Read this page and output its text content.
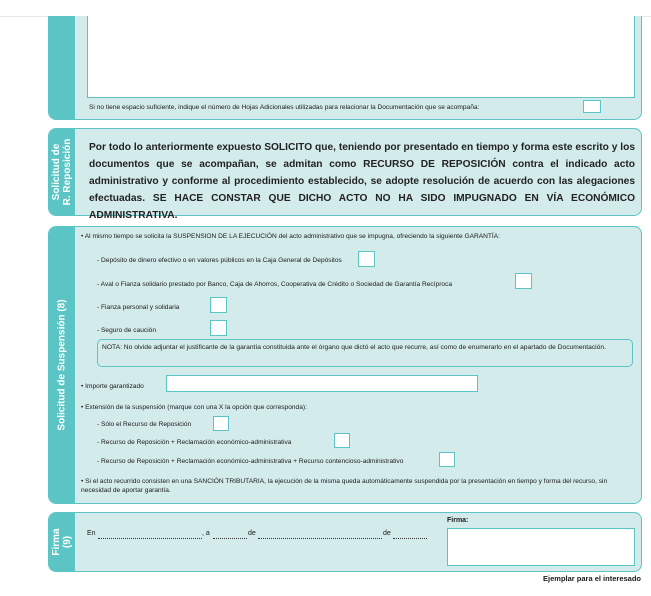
Si no tiene espacio suficiente, indique el número de Hojas Adicionales utilizadas para relacionar la Documentación que se acompaña:
Solicitud de R. Reposición Por todo lo anteriormente expuesto SOLICITO que, teniendo por presentado en tiempo y forma este escrito y los documentos que se acompañan, se admitan como RECURSO DE REPOSICIÓN contra el indicado acto administrativo y conforme al procedimiento establecido, se adopte resolución de acuerdo con las alegaciones efectuadas. SE HACE CONSTAR QUE DICHO ACTO NO HA SIDO IMPUGNADO EN VÍA ECONÓMICO ADMINISTRATIVA.
Solicitud de Suspensión (8)
• Al mismo tiempo se solicita la SUSPENSION DE LA EJECUCIÓN del acto administrativo que se impugna, ofreciendo la siguiente GARANTÍA:
- Depósito de dinero efectivo o en valores públicos en la Caja General de Depósitos
- Aval o Fianza solidario prestado por Banco, Caja de Ahorros, Cooperativa de Crédito o Sociedad de Garantía Recíproca
- Fianza personal y solidaria
- Seguro de caución
NOTA: No olvide adjuntar el justificante de la garantía constituida ante el órgano que dictó el acto que recurre, así como de enumerarlo en el apartado de Documentación.
• Importe garantizado
• Extensión de la suspensión (marque con una X la opción que corresponda):
- Sólo el Recurso de Reposición
- Recurso de Reposición + Reclamación económico-administrativa
- Recurso de Reposición + Reclamación económico-administrativa + Recurso contencioso-administrativo
• Si el acto recurrido consisten en una SANCIÓN TRIBUTARIA, la ejecución de la misma queda automáticamente suspendida por la presentación en tiempo y forma del recurso, sin necesidad de aportar garantía.
Firma (9)
En	, a	de	de
Firma:
Ejemplar para el interesado
